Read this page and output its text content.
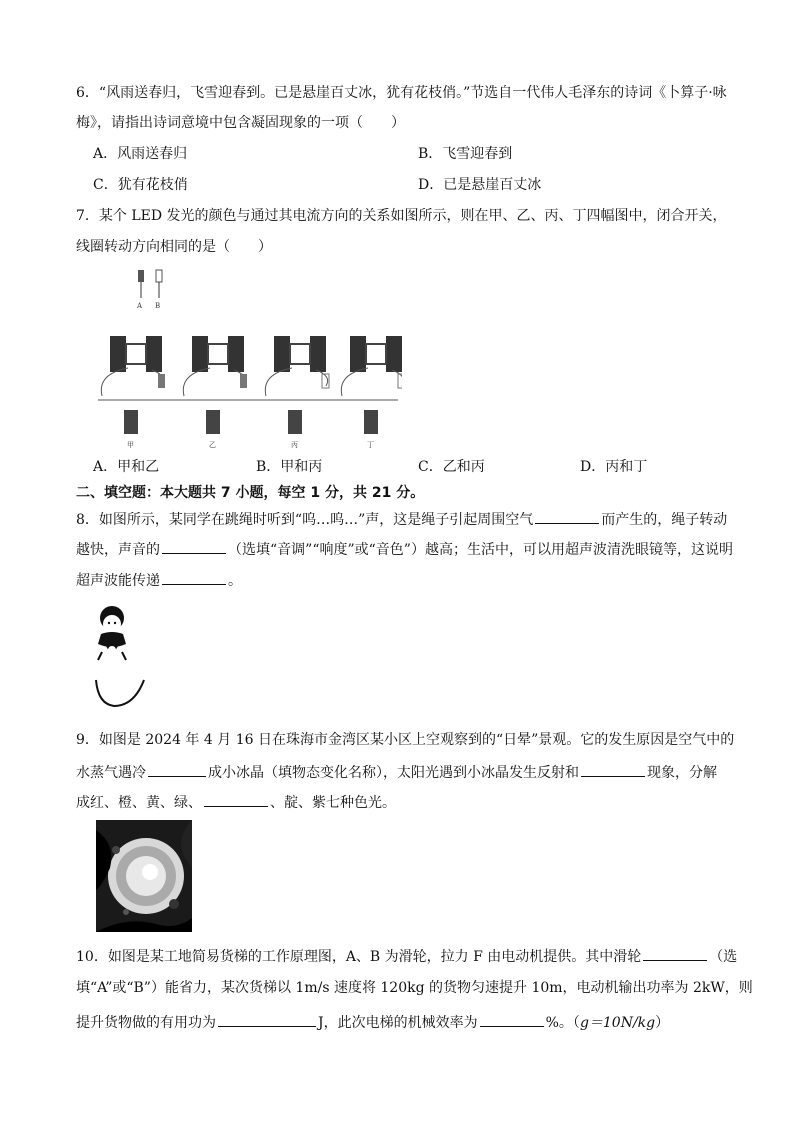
6．“风雨送春归，飞雪迎春到。已是悬崖百丈冰，犹有花枝俏。”节选自一代伟人毛泽东的诗词《卜算子·咏
梅》，请指出诗词意境中包含凝固现象的一项（　　）
A．风雨送春归	B．飞雪迎春到
C．犹有花枝俏	D．已是悬崖百丈冰
7．某个 LED 发光的颜色与通过其电流方向的关系如图所示，则在甲、乙、丙、丁四幅图中，闭合开关，
线圈转动方向相同的是（　　）
A B
甲	乙	丙	丁
A．甲和乙	B．甲和丙	C．乙和丙	D．丙和丁
二、填空题：本大题共 7 小题，每空 1 分，共 21 分。
8．如图所示，某同学在跳绳时听到“呜…呜…”声，这是绳子引起周围空气	而产生的，绳子转动
越快，声音的	（选填“音调”“响度”或“音色”）越高；生活中，可以用超声波清洗眼镜等，这说明
超声波能传递	。
9．如图是 2024 年 4 月 16 日在珠海市金湾区某小区上空观察到的“日晕”景观。它的发生原因是空气中的
水蒸气遇冷	成小冰晶（填物态变化名称），太阳光遇到小冰晶发生反射和	现象，分解
成红、橙、黄、绿、	、靛、紫七种色光。
10．如图是某工地简易货梯的工作原理图，A、B 为滑轮，拉力 F 由电动机提供。其中滑轮	（选
填“A”或“B”）能省力，某次货梯以 1m/s 速度将 120kg 的货物匀速提升 10m，电动机输出功率为 2kW，则
提升货物做的有用功为	J，此次电梯的机械效率为	%。（g＝10N/kg）
